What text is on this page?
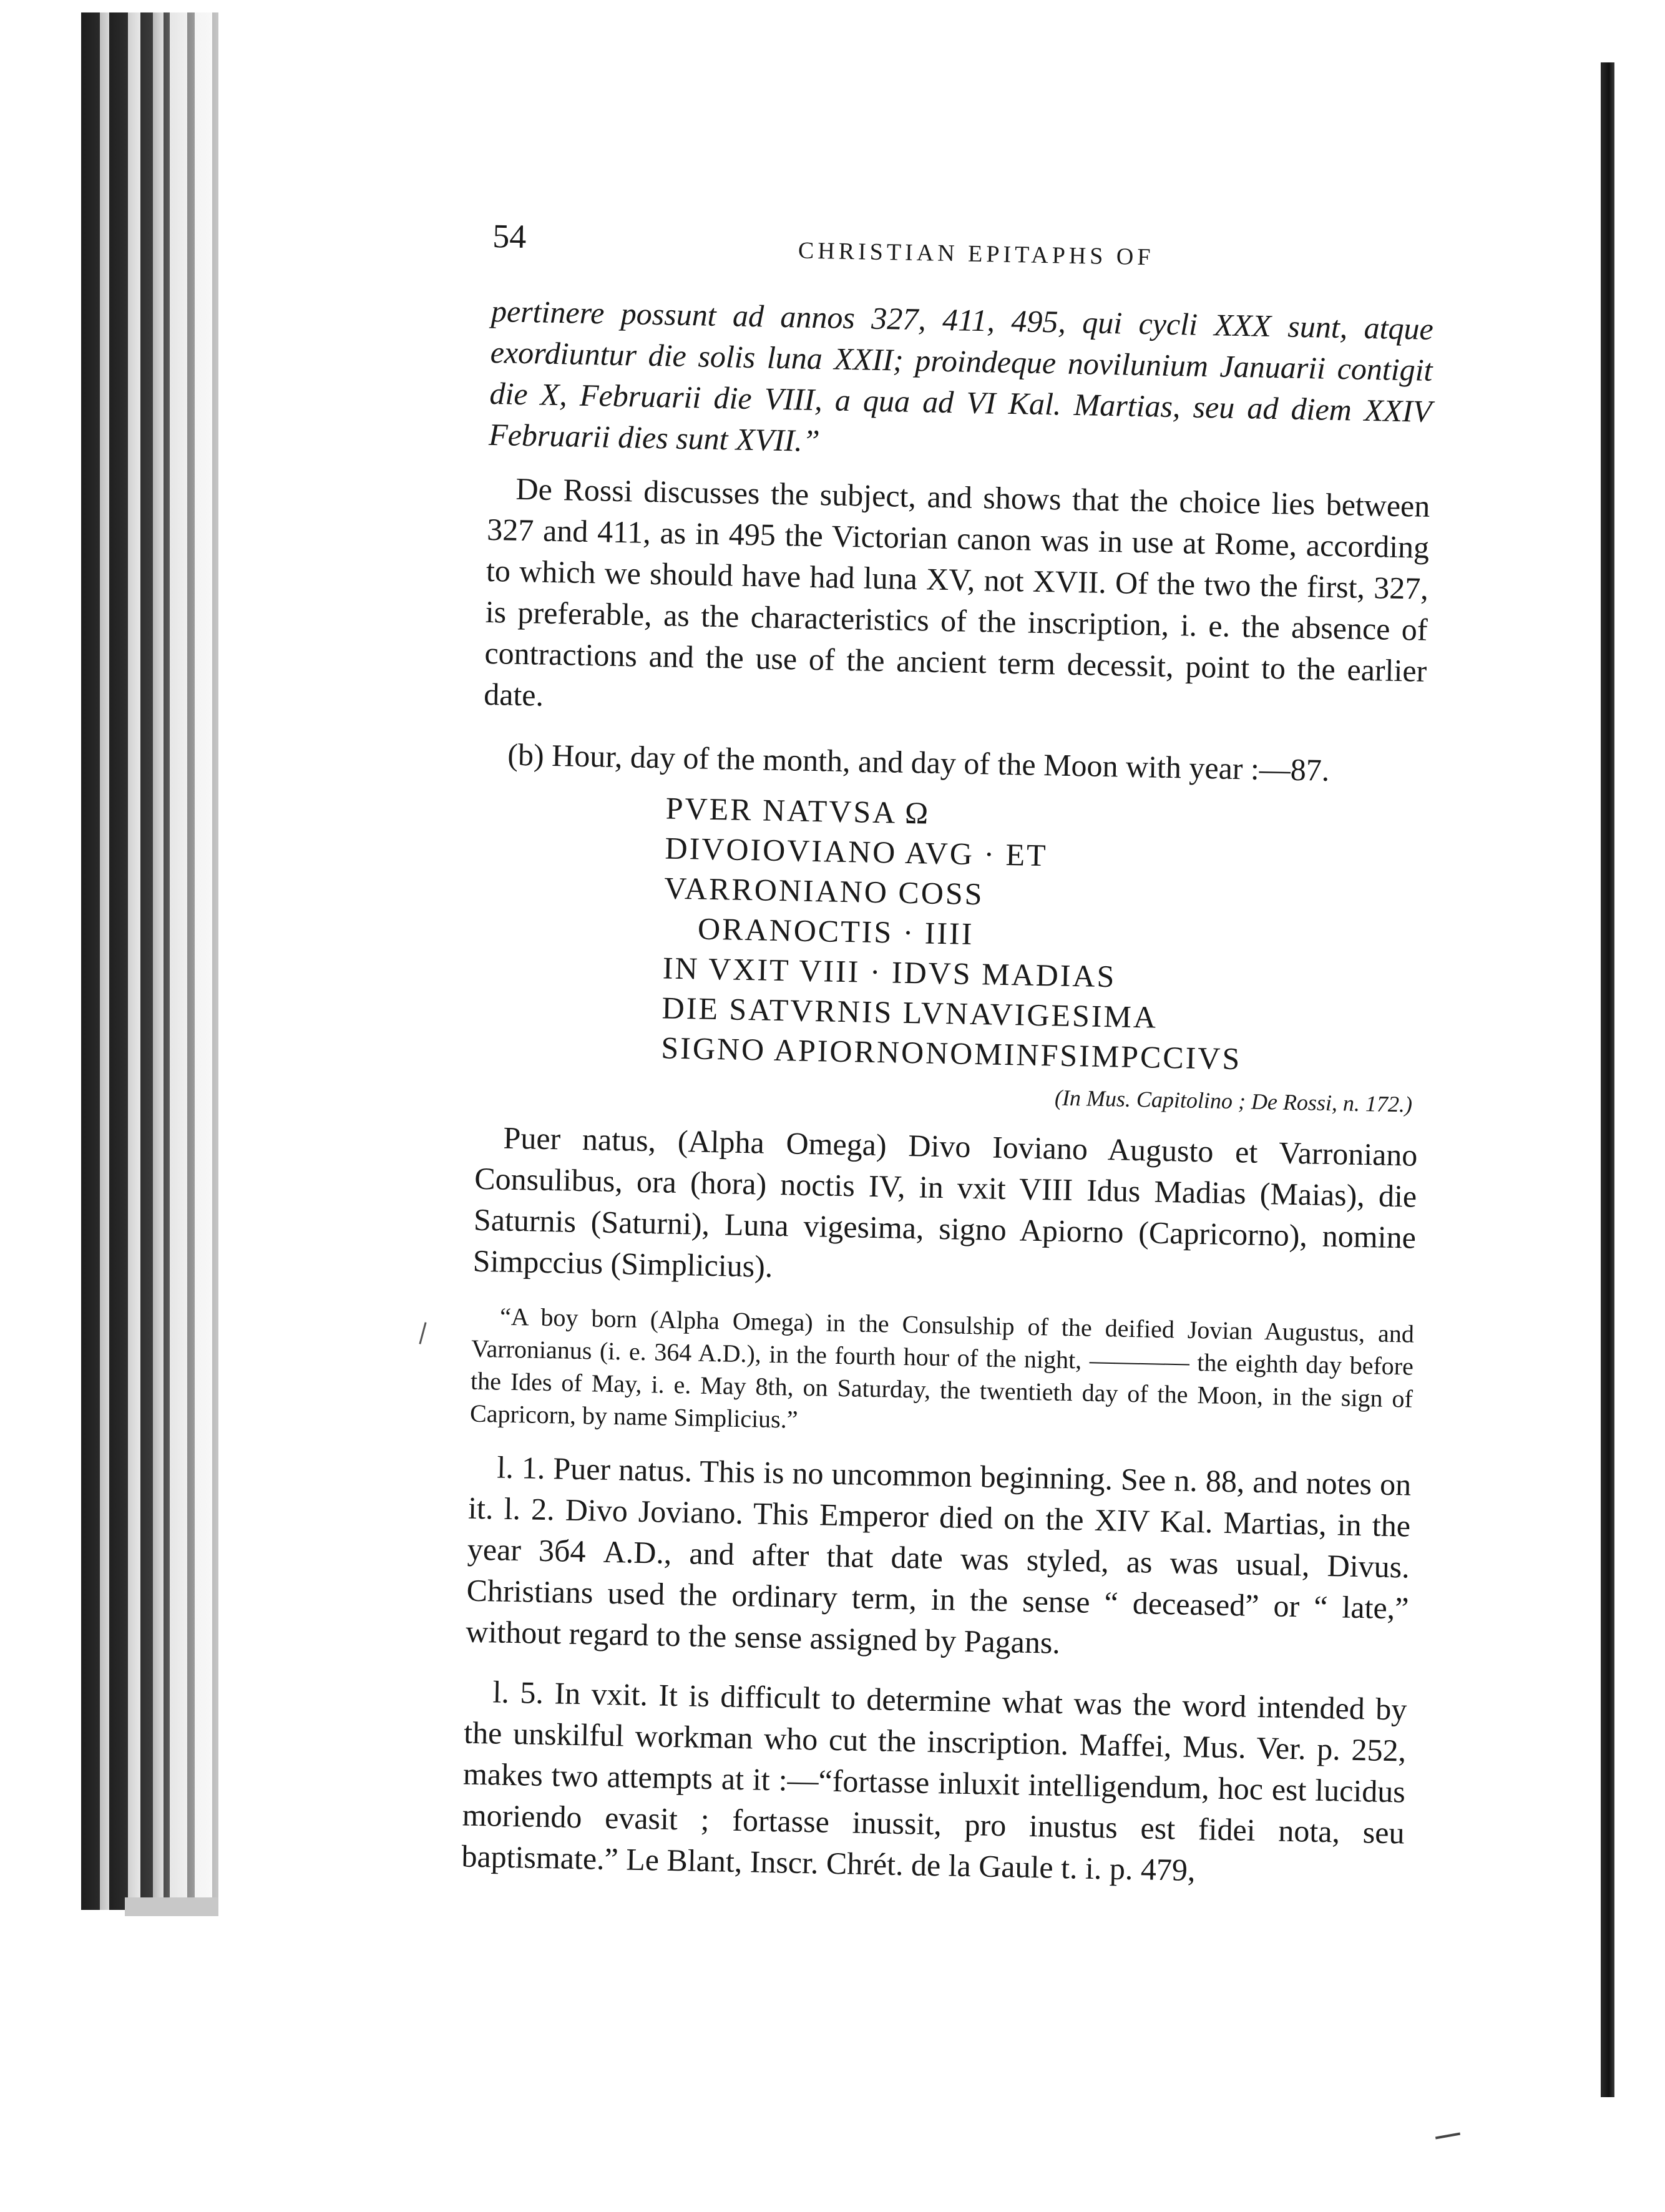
54	CHRISTIAN EPITAPHS OF

pertinere possunt ad annos 327, 411, 495, qui cycli XXX sunt, atque exordiuntur die solis luna XXII; proindeque novilunium Januarii contigit die X, Februarii die VIII, a qua ad VI Kal. Martias, seu ad diem XXIV Februarii dies sunt XVII.”

De Rossi discusses the subject, and shows that the choice lies between 327 and 411, as in 495 the Victorian canon was in use at Rome, according to which we should have had luna XV, not XVII. Of the two the first, 327, is preferable, as the characteristics of the inscription, i. e. the absence of contractions and the use of the ancient term decessit, point to the earlier date.

(b) Hour, day of the month, and day of the Moon with year :—87.

PVER NATVSA Ω
DIVOIOVIANO AVG · ET
VARRONIANO COSS
ORANOCTIS · IIII
IN VXIT VIII · IDVS MADIAS
DIE SATVRNIS LVNAVIGESIMA
SIGNO APIORNONOMINFSIMPCCIVS

(In Mus. Capitolino ; De Rossi, n. 172.)

Puer natus, (Alpha Omega) Divo Ioviano Augusto et Varroniano Consulibus, ora (hora) noctis IV, in vxit VIII Idus Madias (Maias), die Saturnis (Saturni), Luna vigesima, signo Apiorno (Capricorno), nomine Simpccius (Simplicius).

“A boy born (Alpha Omega) in the Consulship of the deified Jovian Augustus, and Varronianus (i. e. 364 A.D.), in the fourth hour of the night, ———— the eighth day before the Ides of May, i. e. May 8th, on Saturday, the twentieth day of the Moon, in the sign of Capricorn, by name Simplicius.”

l. 1. Puer natus. This is no uncommon beginning. See n. 88, and notes on it. l. 2. Divo Joviano. This Emperor died on the XIV Kal. Martias, in the year 3б4 A.D., and after that date was styled, as was usual, Divus. Christians used the ordinary term, in the sense “ deceased” or “ late,” without regard to the sense assigned by Pagans.

l. 5. In vxit. It is difficult to determine what was the word intended by the unskilful workman who cut the inscription. Maffei, Mus. Ver. p. 252, makes two attempts at it :—“fortasse inluxit intelligendum, hoc est lucidus moriendo evasit ; fortasse inussit, pro inustus est fidei nota, seu baptismate.” Le Blant, Inscr. Chrét. de la Gaule t. i. p. 479,
